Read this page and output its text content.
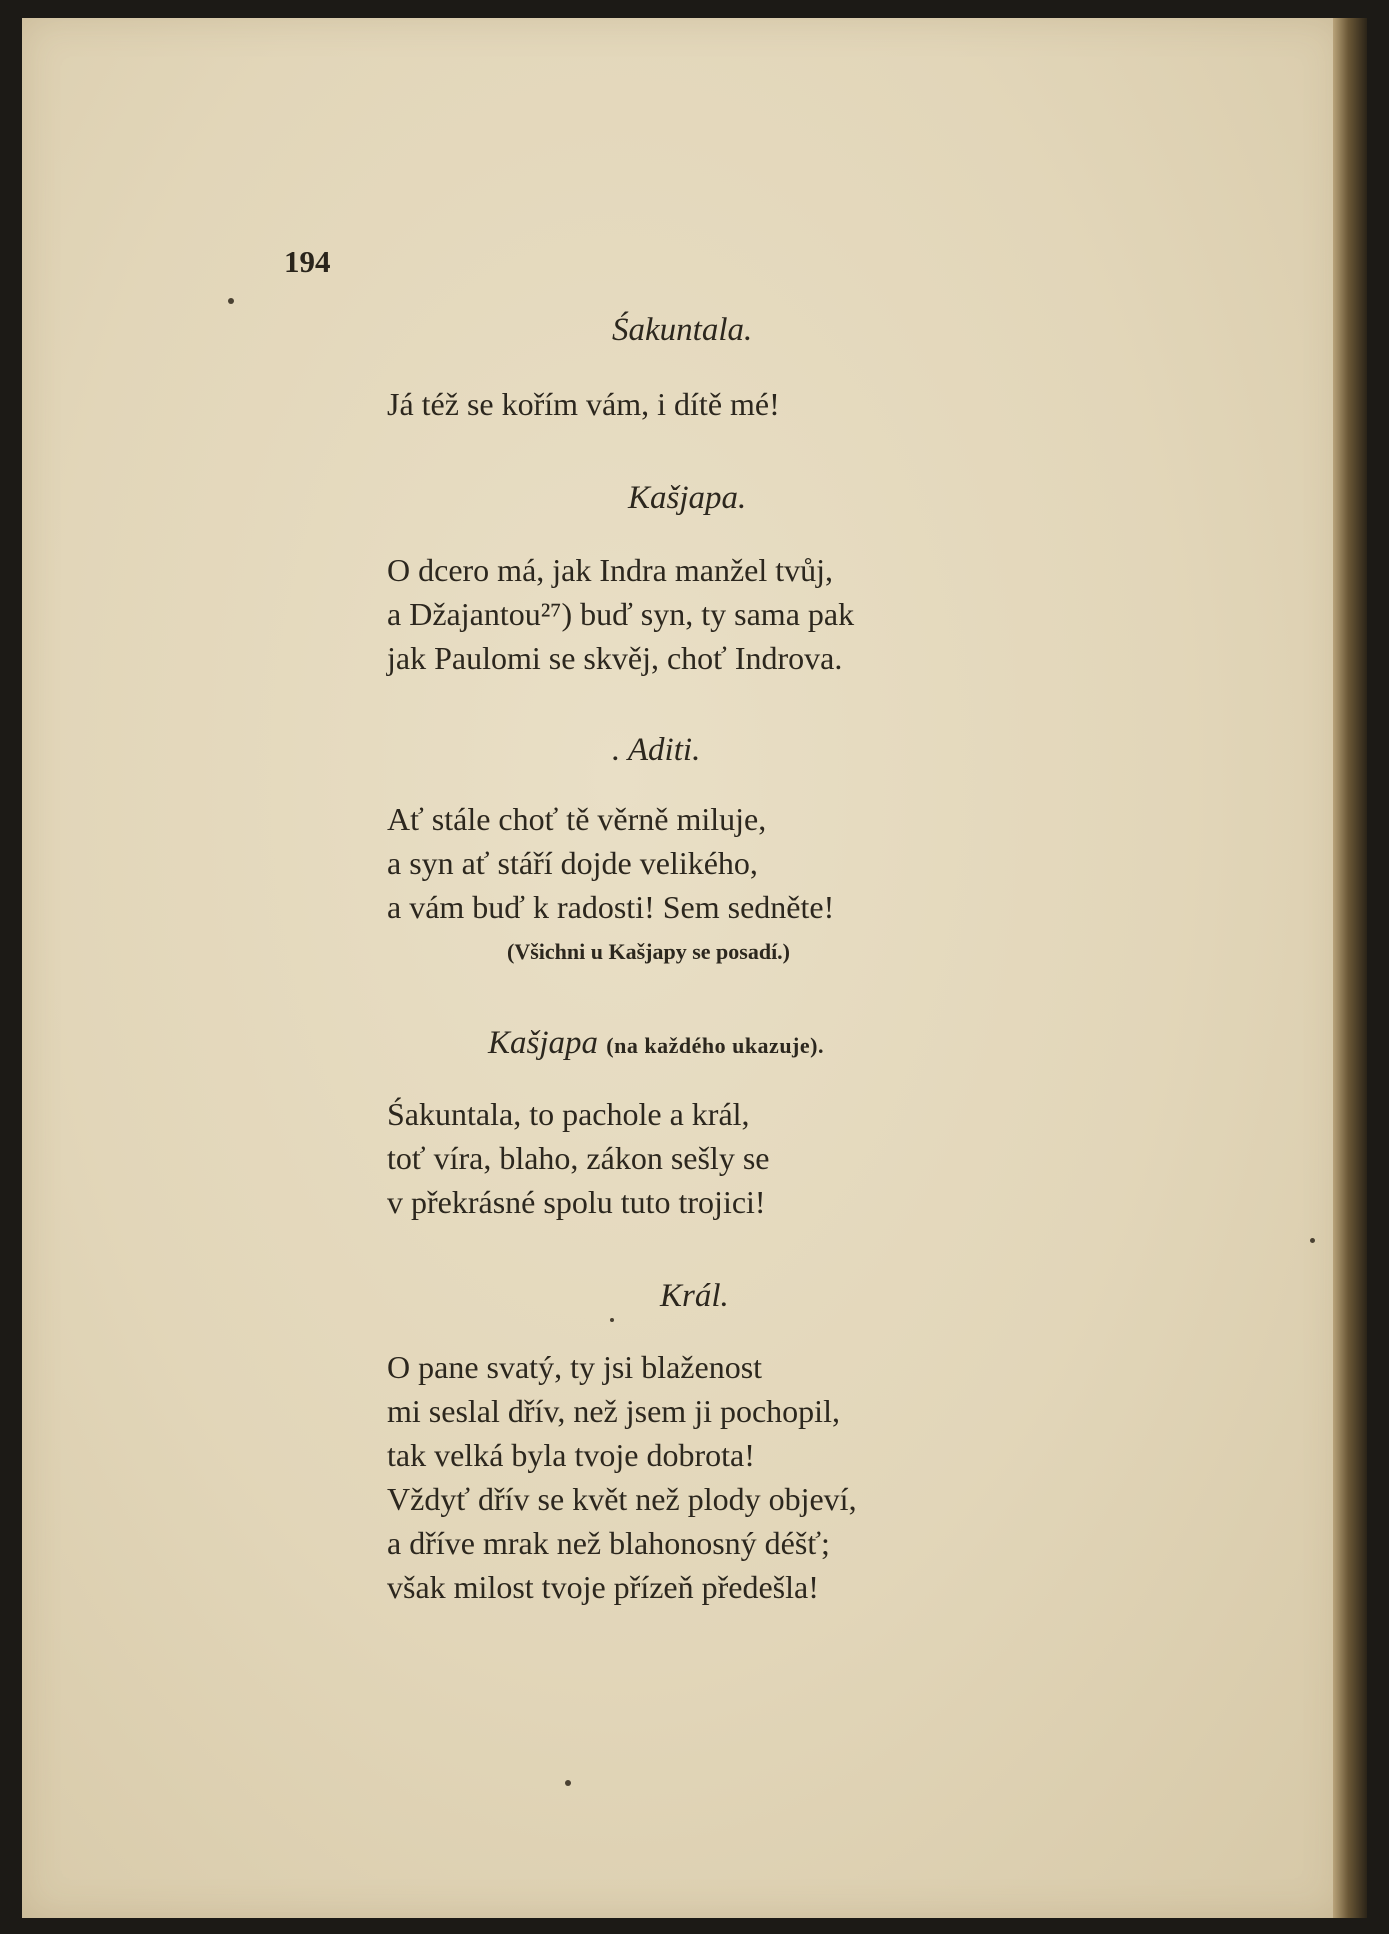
194
Śakuntala.
Já též se kořím vám, i dítě mé!
Kašjapa.
O dcero má, jak Indra manžel tvůj,
a Džajantou²⁷) buď syn, ty sama pak
jak Paulomi se skvěj, choť Indrova.
. Aditi.
Ať stále choť tě věrně miluje,
a syn ať stáří dojde velikého,
a vám buď k radosti! Sem sedněte!
(Všichni u Kašjapy se posadí.)
Kašjapa (na každého ukazuje).
Śakuntala, to pachole a král,
toť víra, blaho, zákon sešly se
v překrásné spolu tuto trojici!
Král.
O pane svatý, ty jsi blaženost
mi seslal dřív, než jsem ji pochopil,
tak velká byla tvoje dobrota!
Vždyť dřív se květ než plody objeví,
a dříve mrak než blahonosný déšť;
však milost tvoje přízeň předešla!
